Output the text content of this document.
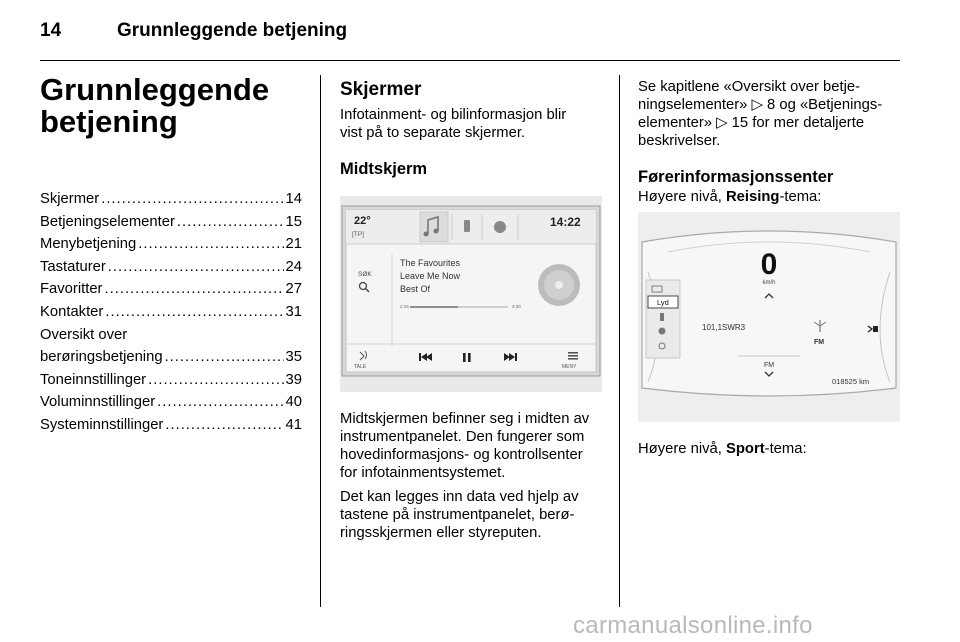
14	Grunnleggende betjening
Grunnleggende
betjening
Skjermer .....	14
Betjeningselementer .....	15
Menybetjening .....	21
Tastaturer .....	24
Favoritter .....	27
Kontakter .....	31
Oversikt over
berøringsbetjening .....	35
Toneinnstillinger .....	39
Voluminnstillinger .....	40
Systeminnstillinger .....	41
Skjermer

Infotainment- og bilinformasjon blir
vist på to separate skjermer.

Midtskjerm
22°
[TP]
14:22
SØK
The Favourites
Leave Me Now
Best Of
2:16	4:30
TALE	MENY

Midtskjermen befinner seg i midten av
instrumentpanelet. Den fungerer som
hovedinformasjons- og kontrollsenter
for infotainmentsystemet.

Det kan legges inn data ved hjelp av
tastene på instrumentpanelet, berø-
ringsskjermen eller styreputen.

Se kapitlene «Oversikt over betje-
ningselementer» ▷ 8 og «Betjenings-
elementer» ▷ 15 for mer detaljerte
beskrivelser.

Førerinformasjonssenter

Høyere nivå, Reising-tema:

0
km/h
Lyd
101,1SWR3
FM
FM
018525 km

Høyere nivå, Sport-tema:

carmanualsonline.info
